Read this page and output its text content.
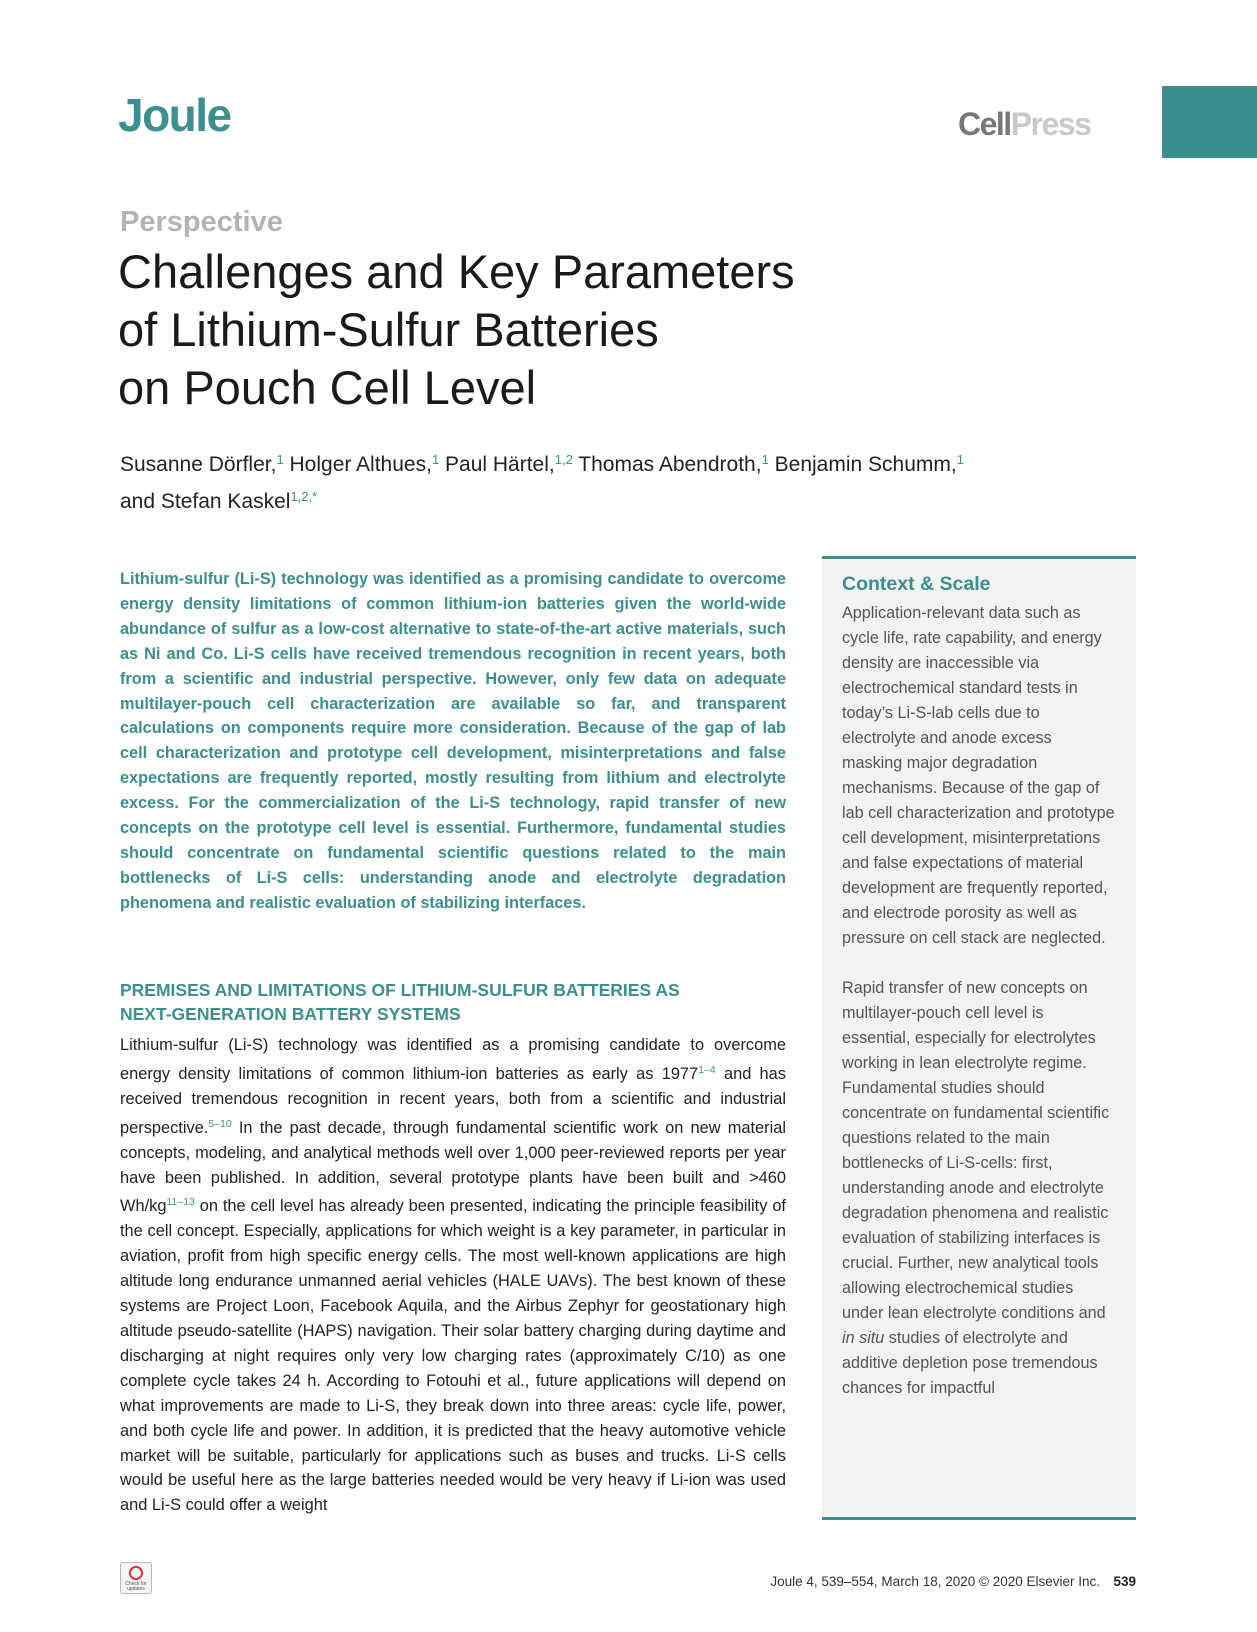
Joule	CellPress
Perspective
Challenges and Key Parameters
of Lithium-Sulfur Batteries
on Pouch Cell Level
Susanne Dörfler,$^1$ Holger Althues,$^1$ Paul Härtel,$^{1,2}$ Thomas Abendroth,$^1$ Benjamin Schumm,$^1$
and Stefan Kaskel$^{1,2,*}$

Lithium-sulfur (Li-S) technology was identified as a promising candidate to overcome energy density limitations of common lithium-ion batteries given the world-wide abundance of sulfur as a low-cost alternative to state-of-the-art active materials, such as Ni and Co. Li-S cells have received tremendous recognition in recent years, both from a scientific and industrial perspective. However, only few data on adequate multilayer-pouch cell characterization are available so far, and transparent calculations on components require more consideration. Because of the gap of lab cell characterization and prototype cell development, misinterpretations and false expectations are frequently reported, mostly resulting from lithium and electrolyte excess. For the commercialization of the Li-S technology, rapid transfer of new concepts on the prototype cell level is essential. Furthermore, fundamental studies should concentrate on fundamental scientific questions related to the main bottlenecks of Li-S cells: understanding anode and electrolyte degradation phenomena and realistic evaluation of stabilizing interfaces.

PREMISES AND LIMITATIONS OF LITHIUM-SULFUR BATTERIES AS
NEXT-GENERATION BATTERY SYSTEMS

Lithium-sulfur (Li-S) technology was identified as a promising candidate to overcome energy density limitations of common lithium-ion batteries as early as 1977$^{1-4}$ and has received tremendous recognition in recent years, both from a scientific and industrial perspective.$^{5-10}$ In the past decade, through fundamental scientific work on new material concepts, modeling, and analytical methods well over 1,000 peer-reviewed reports per year have been published. In addition, several prototype plants have been built and >460 $Wh/kg^{11-13}$ on the cell level has already been presented, indicating the principle feasibility of the cell concept. Especially, applications for which weight is a key parameter, in particular in aviation, profit from high specific energy cells. The most well-known applications are high altitude long endurance unmanned aerial vehicles (HALE UAVs). The best known of these systems are Project Loon, Facebook Aquila, and the Airbus Zephyr for geostationary high altitude pseudo-satellite (HAPS) navigation. Their solar battery charging during daytime and discharging at night requires only very low charging rates (approximately C/10) as one complete cycle takes 24 h. According to Fotouhi et al., future applications will depend on what improvements are made to Li-S, they break down into three areas: cycle life, power, and both cycle life and power. In addition, it is predicted that the heavy automotive vehicle market will be suitable, particularly for applications such as buses and trucks. Li-S cells would be useful here as the large batteries needed would be very heavy if Li-ion was used and Li-S could offer a weight

Context & Scale

Application-relevant data such as cycle life, rate capability, and energy density are inaccessible via electrochemical standard tests in today’s Li-S-lab cells due to electrolyte and anode excess masking major degradation mechanisms. Because of the gap of lab cell characterization and prototype cell development, misinterpretations and false expectations of material development are frequently reported, and electrode porosity as well as pressure on cell stack are neglected.

Rapid transfer of new concepts on multilayer-pouch cell level is essential, especially for electrolytes working in lean electrolyte regime. Fundamental studies should concentrate on fundamental scientific questions related to the main bottlenecks of Li-S-cells: first, understanding anode and electrolyte degradation phenomena and realistic evaluation of stabilizing interfaces is crucial. Further, new analytical tools allowing electrochemical studies under lean electrolyte conditions and in situ studies of electrolyte and additive depletion pose tremendous chances for impactful

Check for updates	Joule 4, 539–554, March 18, 2020 © 2020 Elsevier Inc. 539
